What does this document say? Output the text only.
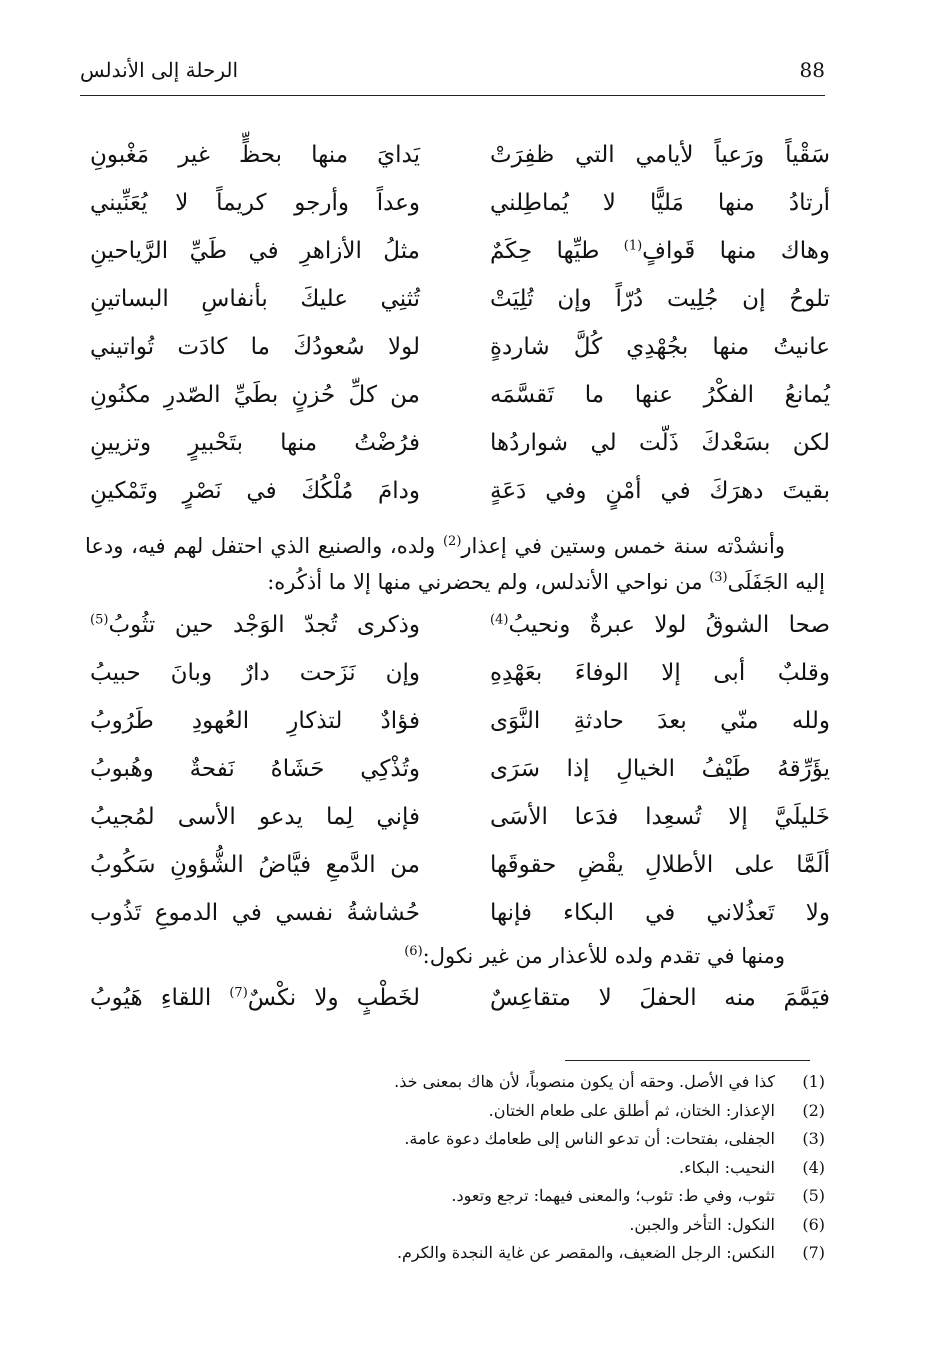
88
الرحلة إلى الأندلس
سَقْياً ورَعياً لأيامي التي ظفِرَتْ
يَدايَ منها بحظٍّ غير مَغْبونِ
أرتادُ منها مَليًّا لا يُماطِلني
وعداً وأرجو كريماً لا يُعَنِّيني
وهاك منها قَوافٍ$^{(1)}$ طيِّها حِكَمٌ
مثلُ الأزاهرِ في طَيِّ الرَّياحينِ
تلوحُ إن جُلِيت دُرّاً وإن تُلِيَتْ
تُثنِي عليكَ بأنفاسِ البساتينِ
عانيتُ منها بجُهْدِي كُلَّ شاردةٍ
لولا سُعودُكَ ما كادَت تُواتيني
يُمانعُ الفكْرُ عنها ما تَقسَّمَه
من كلِّ حُزنٍ بطَيِّ الصّدرِ مكنُونِ
لكن بسَعْدكَ ذَلّت لي شواردُها
فرُضْتُ منها بتَحْبيرٍ وتزيينِ
بقيتَ دهرَكَ في أمْنٍ وفي دَعَةٍ
ودامَ مُلْكُكَ في نَصْرٍ وتَمْكينِ

وأنشدْته سنة خمس وستين في إعذار$^{(2)}$ ولده، والصنيع الذي احتفل لهم فيه، ودعا إليه الجَفَلَى$^{(3)}$ من نواحي الأندلس، ولم يحضرني منها إلا ما أذكُره:

صحا الشوقُ لولا عبرةٌ ونحيبُ$^{(4)}$
وذكرى تُجدّ الوَجْد حين تثُوبُ$^{(5)}$
وقلبٌ أبى إلا الوفاءَ بعَهْدِهِ
وإن نَزَحت دارٌ وبانَ حبيبُ
ولله منّي بعدَ حادثةِ النَّوَى
فؤادٌ لتذكارِ العُهودِ طَرُوبُ
يؤَرِّقهُ طَيْفُ الخيالِ إذا سَرَى
وتُذْكِي حَشَاهُ نَفحةٌ وهُبوبُ
خَليلَيَّ إلا تُسعِدا فدَعا الأسَى
فإني لِما يدعو الأسى لمُجيبُ
ألَمَّا على الأطلالِ يقْضِ حقوقَها
من الدَّمعِ فيَّاضُ الشُّؤونِ سَكُوبُ
ولا تَعذُلاني في البكاء فإنها
حُشاشةُ نفسي في الدموعِ تَذُوب

ومنها في تقدم ولده للأعذار من غير نكول:$^{(6)}$

فيَمَّمَ منه الحفلَ لا متقاعِسٌ
لخَطْبٍ ولا نكْسٌ$^{(7)}$ اللقاءِ هَيُوبُ
(1)
كذا في الأصل. وحقه أن يكون منصوباً، لأن هاك بمعنى خذ.
(2)
الإعذار: الختان، ثم أطلق على طعام الختان.
(3)
الجفلى، بفتحات: أن تدعو الناس إلى طعامك دعوة عامة.
(4)
النحيب: البكاء.
(5)
تثوب، وفي ط: تئوب؛ والمعنى فيهما: ترجع وتعود.
(6)
النكول: التأخر والجبن.
(7)
النكس: الرجل الضعيف، والمقصر عن غاية النجدة والكرم.
